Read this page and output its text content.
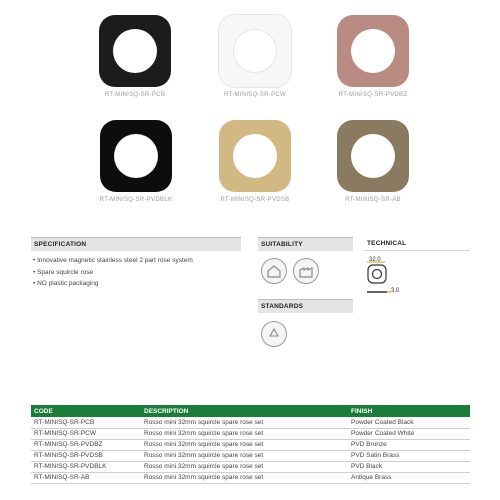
RT-MINISQ-SR-PCB	RT-MINISQ-SR-PCW	RT-MINISQ-SR-PVDBZ
RT-MINISQ-SR-PVDBLK	RT-MINISQ-SR-PVDSB	RT-MINISQ-SR-AB
SPECIFICATION
• Innovative magnetic stainless steel 2 part rose system
• Spare squircle rose
• NO plastic packaging
SUITABILITY	TECHNICAL
32.0
3.0
STANDARDS
CODE	DESCRIPTION	FINISH
RT-MINISQ-SR-PCB	Rosso mini 32mm squircle spare rose set	Powder Coated Black
RT-MINISQ-SR-PCW	Rosso mini 32mm squircle spare rose set	Powder Coated White
RT-MINISQ-SR-PVDBZ	Rosso mini 32mm squircle spare rose set	PVD Bronze
RT-MINISQ-SR-PVDSB	Rosso mini 32mm squircle spare rose set	PVD Satin Brass
RT-MINISQ-SR-PVDBLK	Rosso mini 32mm squircle spare rose set	PVD Black
RT-MINISQ-SR-AB	Rosso mini 32mm squircle spare rose set	Antique Brass
